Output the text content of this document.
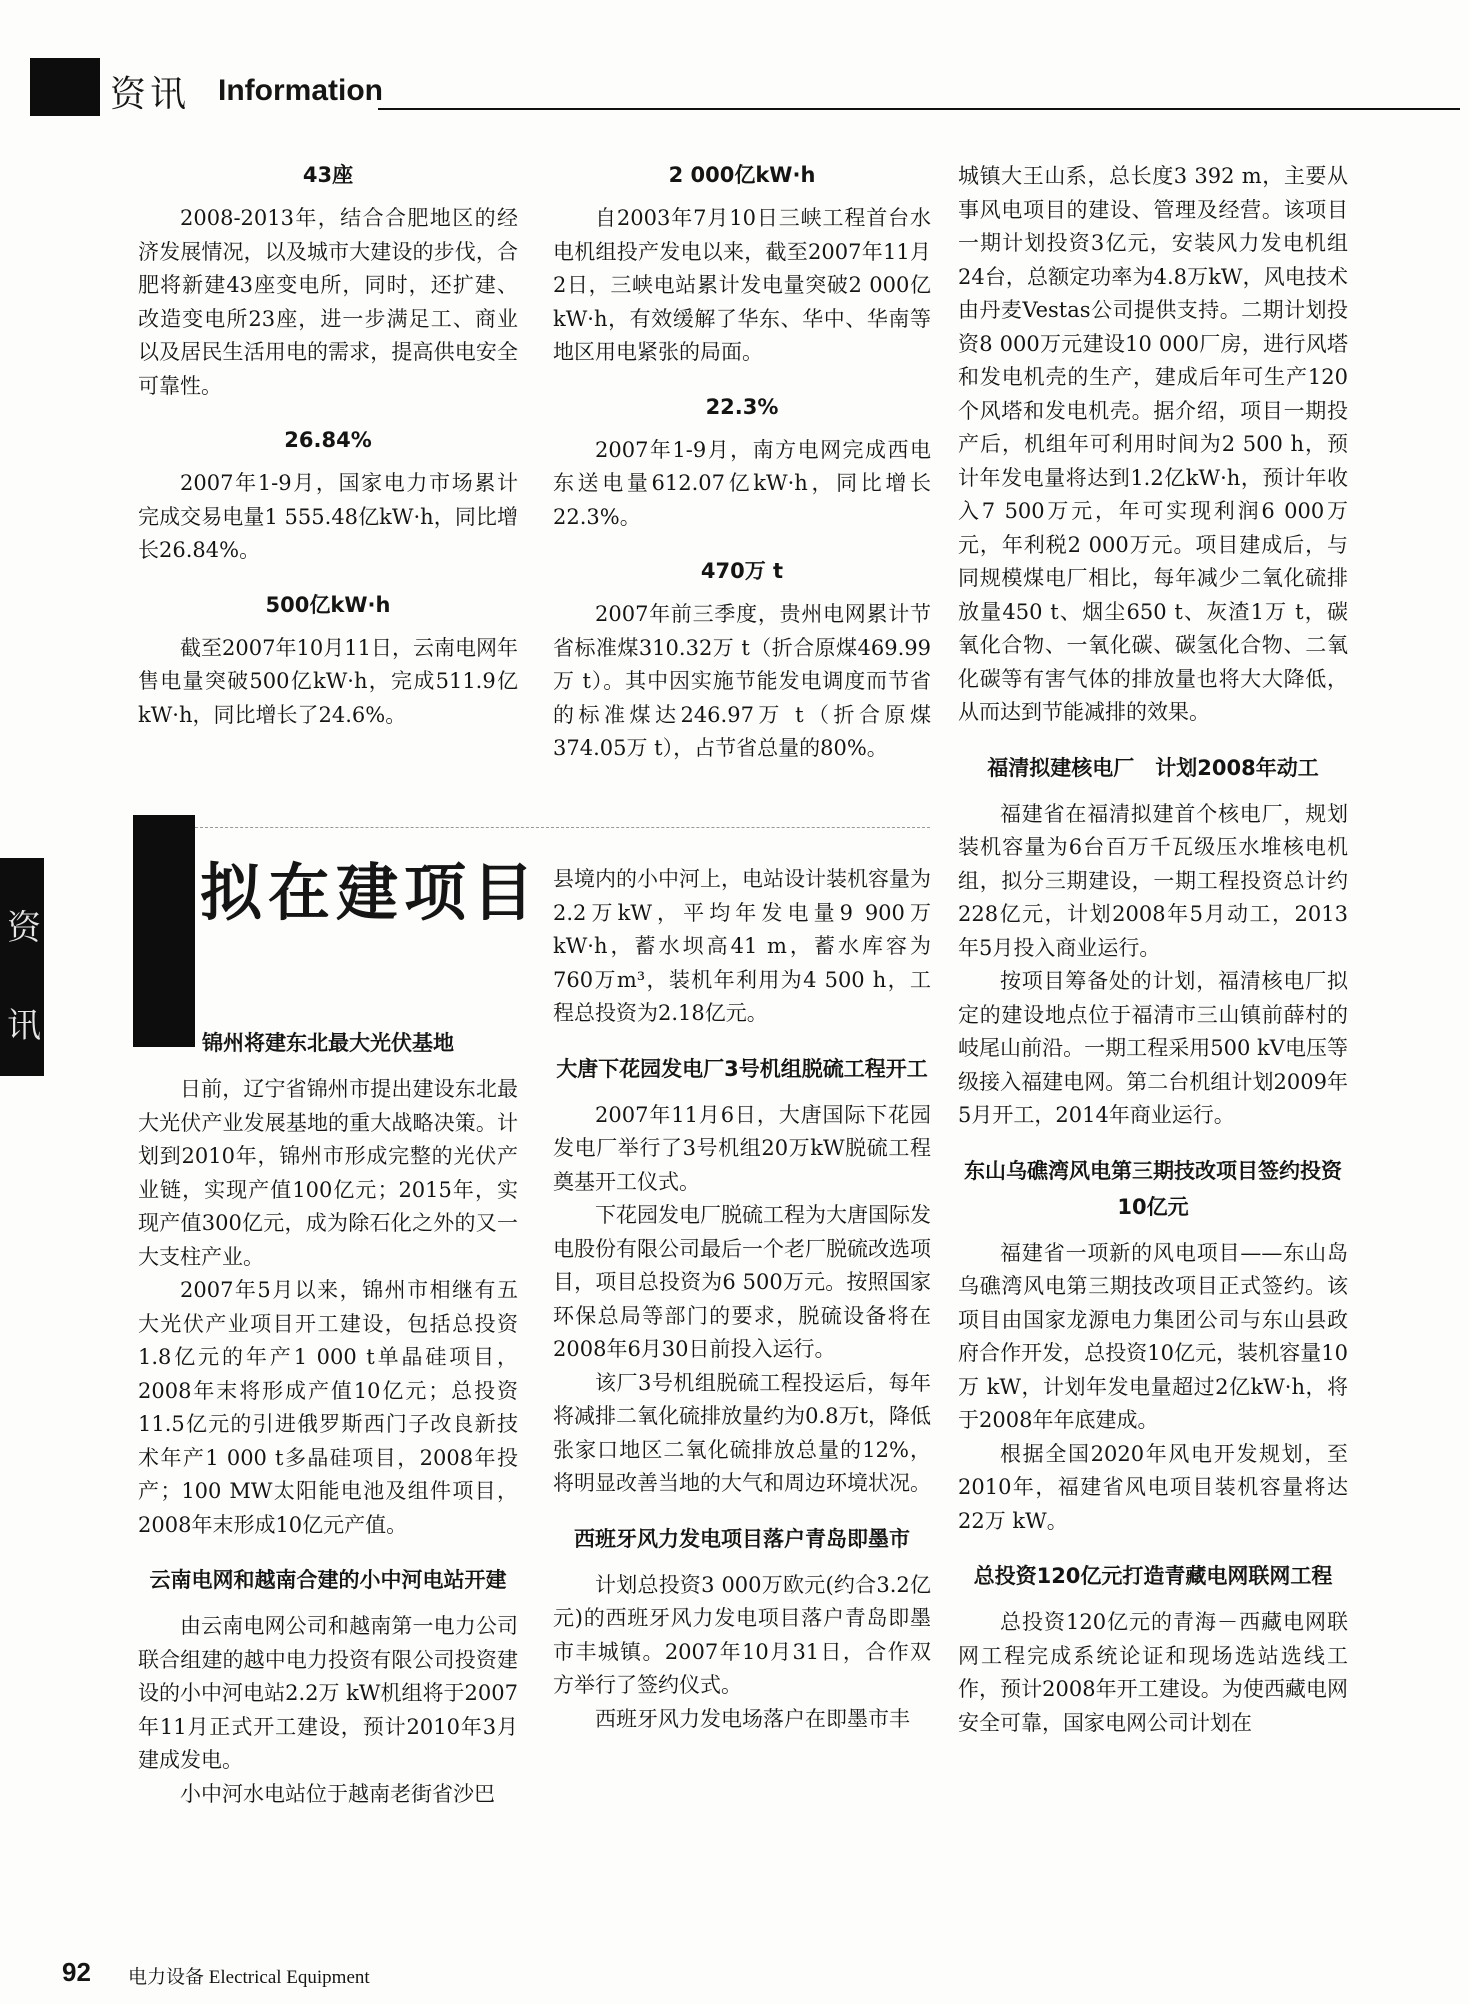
资讯 Information

43座

2008-2013年，结合合肥地区的经济发展情况，以及城市大建设的步伐，合肥将新建43座变电所，同时，还扩建、改造变电所23座，进一步满足工、商业以及居民生活用电的需求，提高供电安全可靠性。

26.84%

2007年1-9月，国家电力市场累计完成交易电量1 555.48亿kW·h，同比增长26.84%。

500亿kW·h

截至2007年10月11日，云南电网年售电量突破500亿kW·h，完成511.9亿kW·h，同比增长了24.6%。

2 000亿kW·h

自2003年7月10日三峡工程首台水电机组投产发电以来，截至2007年11月2日，三峡电站累计发电量突破2 000亿kW·h，有效缓解了华东、华中、华南等地区用电紧张的局面。

22.3%

2007年1-9月，南方电网完成西电东送电量612.07亿kW·h，同比增长22.3%。

470万 t

2007年前三季度，贵州电网累计节省标准煤310.32万 t（折合原煤469.99万 t）。其中因实施节能发电调度而节省的标准煤达246.97万 t（折合原煤374.05万 t），占节省总量的80%。

城镇大王山系，总长度3 392 m，主要从事风电项目的建设、管理及经营。该项目一期计划投资3亿元，安装风力发电机组24台，总额定功率为4.8万kW，风电技术由丹麦Vestas公司提供支持。二期计划投资8 000万元建设10 000厂房，进行风塔和发电机壳的生产，建成后年可生产120个风塔和发电机壳。据介绍，项目一期投产后，机组年可利用时间为2 500 h，预计年发电量将达到1.2亿kW·h，预计年收入7 500万元，年可实现利润6 000万元，年利税2 000万元。项目建成后，与同规模煤电厂相比，每年减少二氧化硫排放量450 t、烟尘650 t、灰渣1万 t，碳氧化合物、一氧化碳、碳氢化合物、二氧化碳等有害气体的排放量也将大大降低，从而达到节能减排的效果。

福清拟建核电厂　计划2008年动工

福建省在福清拟建首个核电厂，规划装机容量为6台百万千瓦级压水堆核电机组，拟分三期建设，一期工程投资总计约228亿元，计划2008年5月动工，2013年5月投入商业运行。

按项目筹备处的计划，福清核电厂拟定的建设地点位于福清市三山镇前薛村的岐尾山前沿。一期工程采用500 kV电压等级接入福建电网。第二台机组计划2009年5月开工，2014年商业运行。

东山乌礁湾风电第三期技改项目签约投资10亿元

福建省一项新的风电项目——东山岛乌礁湾风电第三期技改项目正式签约。该项目由国家龙源电力集团公司与东山县政府合作开发，总投资10亿元，装机容量10万 kW，计划年发电量超过2亿kW·h，将于2008年年底建成。

根据全国2020年风电开发规划，至2010年，福建省风电项目装机容量将达22万 kW。

总投资120亿元打造青藏电网联网工程

总投资120亿元的青海－西藏电网联网工程完成系统论证和现场选站选线工作，预计2008年开工建设。为使西藏电网安全可靠，国家电网公司计划在

资
讯
拟在建项目

锦州将建东北最大光伏基地

日前，辽宁省锦州市提出建设东北最大光伏产业发展基地的重大战略决策。计划到2010年，锦州市形成完整的光伏产业链，实现产值100亿元；2015年，实现产值300亿元，成为除石化之外的又一大支柱产业。

2007年5月以来，锦州市相继有五大光伏产业项目开工建设，包括总投资1.8亿元的年产1 000 t单晶硅项目，2008年末将形成产值10亿元；总投资11.5亿元的引进俄罗斯西门子改良新技术年产1 000 t多晶硅项目，2008年投产；100 MW太阳能电池及组件项目，2008年末形成10亿元产值。

云南电网和越南合建的小中河电站开建

由云南电网公司和越南第一电力公司联合组建的越中电力投资有限公司投资建设的小中河电站2.2万 kW机组将于2007年11月正式开工建设，预计2010年3月建成发电。

小中河水电站位于越南老街省沙巴

县境内的小中河上，电站设计装机容量为2.2万kW，平均年发电量9 900万kW·h，蓄水坝高41 m，蓄水库容为760万m³，装机年利用为4 500 h，工程总投资为2.18亿元。

大唐下花园发电厂3号机组脱硫工程开工

2007年11月6日，大唐国际下花园发电厂举行了3号机组20万kW脱硫工程奠基开工仪式。

下花园发电厂脱硫工程为大唐国际发电股份有限公司最后一个老厂脱硫改选项目，项目总投资为6 500万元。按照国家环保总局等部门的要求，脱硫设备将在2008年6月30日前投入运行。

该厂3号机组脱硫工程投运后，每年将减排二氧化硫排放量约为0.8万t，降低张家口地区二氧化硫排放总量的12%，将明显改善当地的大气和周边环境状况。

西班牙风力发电项目落户青岛即墨市

计划总投资3 000万欧元(约合3.2亿元)的西班牙风力发电项目落户青岛即墨市丰城镇。2007年10月31日，合作双方举行了签约仪式。

西班牙风力发电场落户在即墨市丰

92 电力设备 Electrical Equipment
